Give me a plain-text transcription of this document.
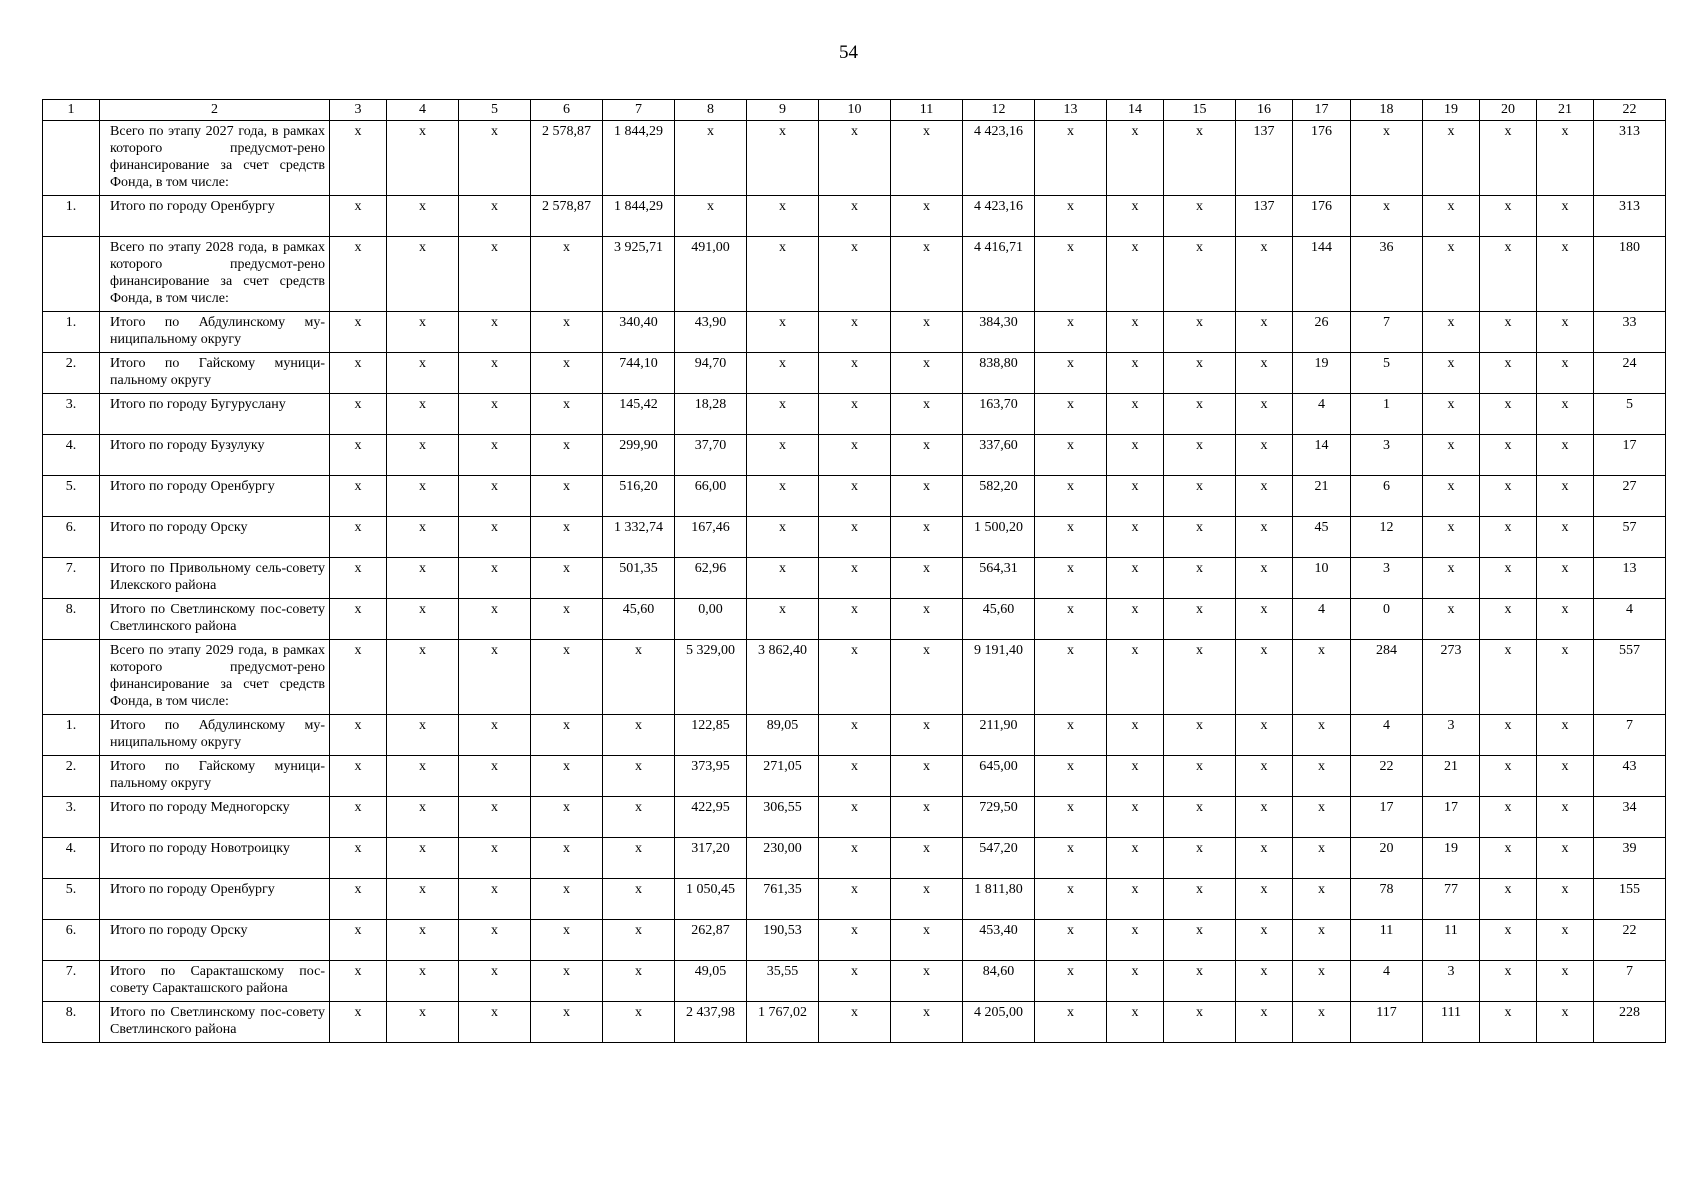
54
1	2	3	4	5	6	7	8	9	10	11	12	13	14	15	16	17	18	19	20	21	22
	Всего по этапу 2027 года, в рамках которого предусмот-рено финансирование за счет средств Фонда, в том числе:	х	х	х	2 578,87	1 844,29	х	х	х	х	4 423,16	х	х	х	137	176	х	х	х	х	313
1.	Итого по городу Оренбургу	х	х	х	2 578,87	1 844,29	х	х	х	х	4 423,16	х	х	х	137	176	х	х	х	х	313
	Всего по этапу 2028 года, в рамках которого предусмот-рено финансирование за счет средств Фонда, в том числе:	х	х	х	х	3 925,71	491,00	х	х	х	4 416,71	х	х	х	х	144	36	х	х	х	180
1.	Итого по Абдулинскому му-ниципальному округу	х	х	х	х	340,40	43,90	х	х	х	384,30	х	х	х	х	26	7	х	х	х	33
2.	Итого по Гайскому муници-пальному округу	х	х	х	х	744,10	94,70	х	х	х	838,80	х	х	х	х	19	5	х	х	х	24
3.	Итого по городу Бугуруслану	х	х	х	х	145,42	18,28	х	х	х	163,70	х	х	х	х	4	1	х	х	х	5
4.	Итого по городу Бузулуку	х	х	х	х	299,90	37,70	х	х	х	337,60	х	х	х	х	14	3	х	х	х	17
5.	Итого по городу Оренбургу	х	х	х	х	516,20	66,00	х	х	х	582,20	х	х	х	х	21	6	х	х	х	27
6.	Итого по городу Орску	х	х	х	х	1 332,74	167,46	х	х	х	1 500,20	х	х	х	х	45	12	х	х	х	57
7.	Итого по Привольному сель-совету Илекского района	х	х	х	х	501,35	62,96	х	х	х	564,31	х	х	х	х	10	3	х	х	х	13
8.	Итого по Светлинскому пос-совету Светлинского района	х	х	х	х	45,60	0,00	х	х	х	45,60	х	х	х	х	4	0	х	х	х	4
	Всего по этапу 2029 года, в рамках которого предусмот-рено финансирование за счет средств Фонда, в том числе:	х	х	х	х	х	5 329,00	3 862,40	х	х	9 191,40	х	х	х	х	х	284	273	х	х	557
1.	Итого по Абдулинскому му-ниципальному округу	х	х	х	х	х	122,85	89,05	х	х	211,90	х	х	х	х	х	4	3	х	х	7
2.	Итого по Гайскому муници-пальному округу	х	х	х	х	х	373,95	271,05	х	х	645,00	х	х	х	х	х	22	21	х	х	43
3.	Итого по городу Медногорску	х	х	х	х	х	422,95	306,55	х	х	729,50	х	х	х	х	х	17	17	х	х	34
4.	Итого по городу Новотроицку	х	х	х	х	х	317,20	230,00	х	х	547,20	х	х	х	х	х	20	19	х	х	39
5.	Итого по городу Оренбургу	х	х	х	х	х	1 050,45	761,35	х	х	1 811,80	х	х	х	х	х	78	77	х	х	155
6.	Итого по городу Орску	х	х	х	х	х	262,87	190,53	х	х	453,40	х	х	х	х	х	11	11	х	х	22
7.	Итого по Саракташскому пос-совету Саракташского района	х	х	х	х	х	49,05	35,55	х	х	84,60	х	х	х	х	х	4	3	х	х	7
8.	Итого по Светлинскому пос-совету Светлинского района	х	х	х	х	х	2 437,98	1 767,02	х	х	4 205,00	х	х	х	х	х	117	111	х	х	228
